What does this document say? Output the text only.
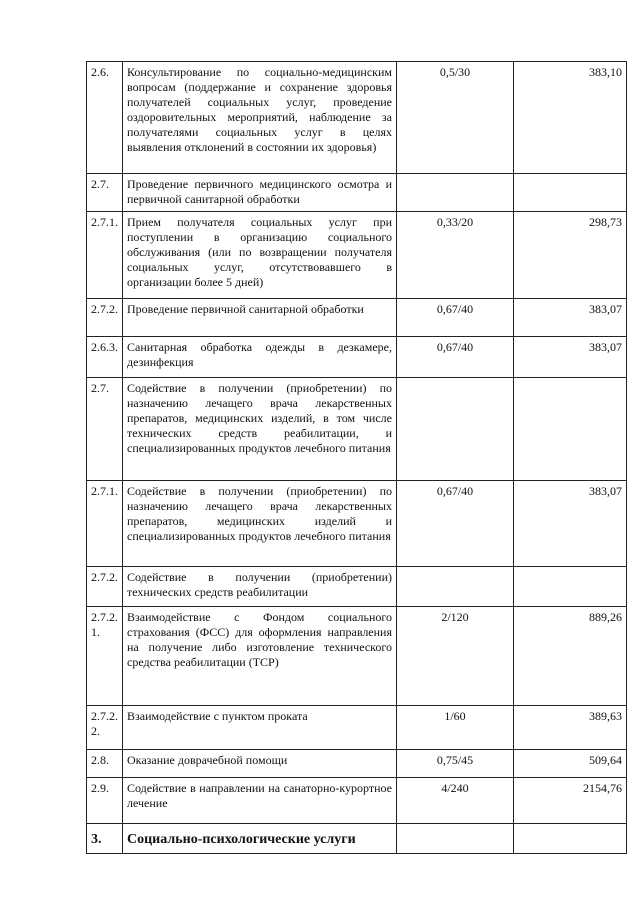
2.6.	Консультирование по социально-медицинским вопросам (поддержание и сохранение здоровья получателей социальных услуг, проведение оздоровительных мероприятий, наблюдение за получателями социальных услуг в целях выявления отклонений в состоянии их здоровья)	0,5/30	383,10
2.7.	Проведение первичного медицинского осмотра и первичной санитарной обработки		
2.7.1.	Прием получателя социальных услуг при поступлении в организацию социального обслуживания (или по возвращении получателя социальных услуг, отсутствовавшего в организации более 5 дней)	0,33/20	298,73
2.7.2.	Проведение первичной санитарной обработки	0,67/40	383,07
2.6.3.	Санитарная обработка одежды в дезкамере, дезинфекция	0,67/40	383,07
2.7.	Содействие в получении (приобретении) по назначению лечащего врача лекарственных препаратов, медицинских изделий, в том числе технических средств реабилитации, и специализированных продуктов лечебного питания		
2.7.1.	Содействие в получении (приобретении) по назначению лечащего врача лекарственных препаратов, медицинских изделий и специализированных продуктов лечебного питания	0,67/40	383,07
2.7.2.	Содействие в получении (приобретении) технических средств реабилитации		
2.7.2. 1.	Взаимодействие с Фондом социального страхования (ФСС) для оформления направления на получение либо изготовление технического средства реабилитации (ТСР)	2/120	889,26
2.7.2. 2.	Взаимодействие с пунктом проката	1/60	389,63
2.8.	Оказание доврачебной помощи	0,75/45	509,64
2.9.	Содействие в направлении на санаторно-курортное лечение	4/240	2154,76
3.	Социально-психологические услуги		
